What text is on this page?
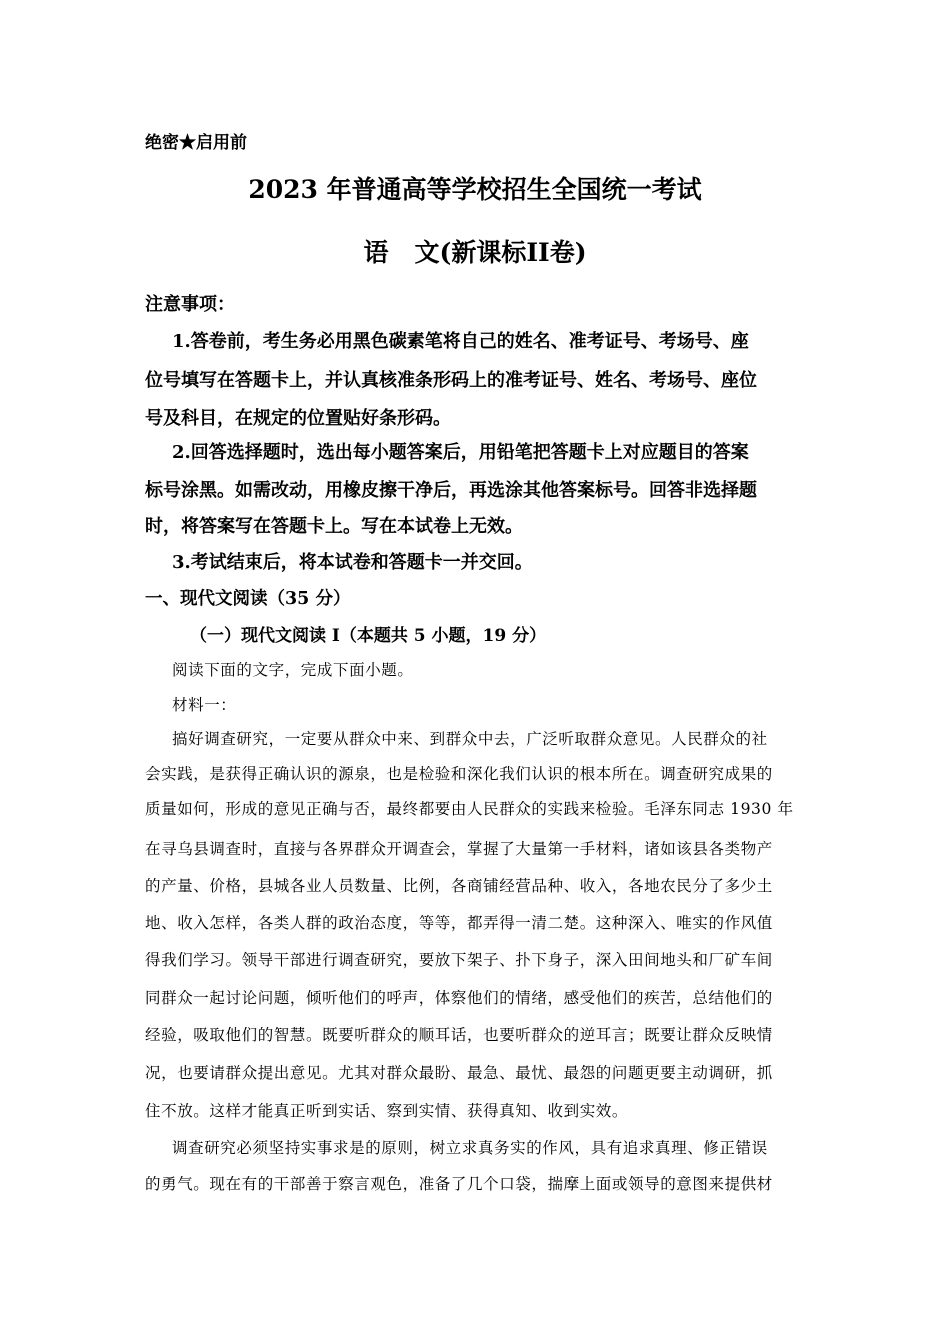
绝密★启用前
2023 年普通高等学校招生全国统一考试
语 文(新课标II卷)
注意事项：
1.答卷前，考生务必用黑色碳素笔将自己的姓名、准考证号、考场号、座
位号填写在答题卡上，并认真核准条形码上的准考证号、姓名、考场号、座位
号及科目，在规定的位置贴好条形码。
2.回答选择题时，选出每小题答案后，用铅笔把答题卡上对应题目的答案
标号涂黑。如需改动，用橡皮擦干净后，再选涂其他答案标号。回答非选择题
时，将答案写在答题卡上。写在本试卷上无效。
3.考试结束后，将本试卷和答题卡一并交回。
一、现代文阅读（35 分）
（一）现代文阅读 I（本题共 5 小题，19 分）
阅读下面的文字，完成下面小题。
材料一：
搞好调查研究，一定要从群众中来、到群众中去，广泛听取群众意见。人民群众的社
会实践，是获得正确认识的源泉，也是检验和深化我们认识的根本所在。调查研究成果的
质量如何，形成的意见正确与否，最终都要由人民群众的实践来检验。毛泽东同志 1930 年
在寻乌县调查时，直接与各界群众开调查会，掌握了大量第一手材料，诸如该县各类物产
的产量、价格，县城各业人员数量、比例，各商铺经营品种、收入，各地农民分了多少土
地、收入怎样，各类人群的政治态度，等等，都弄得一清二楚。这种深入、唯实的作风值
得我们学习。领导干部进行调查研究，要放下架子、扑下身子，深入田间地头和厂矿车间
同群众一起讨论问题，倾听他们的呼声，体察他们的情绪，感受他们的疾苦，总结他们的
经验，吸取他们的智慧。既要听群众的顺耳话，也要听群众的逆耳言；既要让群众反映情
况，也要请群众提出意见。尤其对群众最盼、最急、最忧、最怨的问题更要主动调研，抓
住不放。这样才能真正听到实话、察到实情、获得真知、收到实效。
调查研究必须坚持实事求是的原则，树立求真务实的作风，具有追求真理、修正错误
的勇气。现在有的干部善于察言观色，准备了几个口袋，揣摩上面或领导的意图来提供材
